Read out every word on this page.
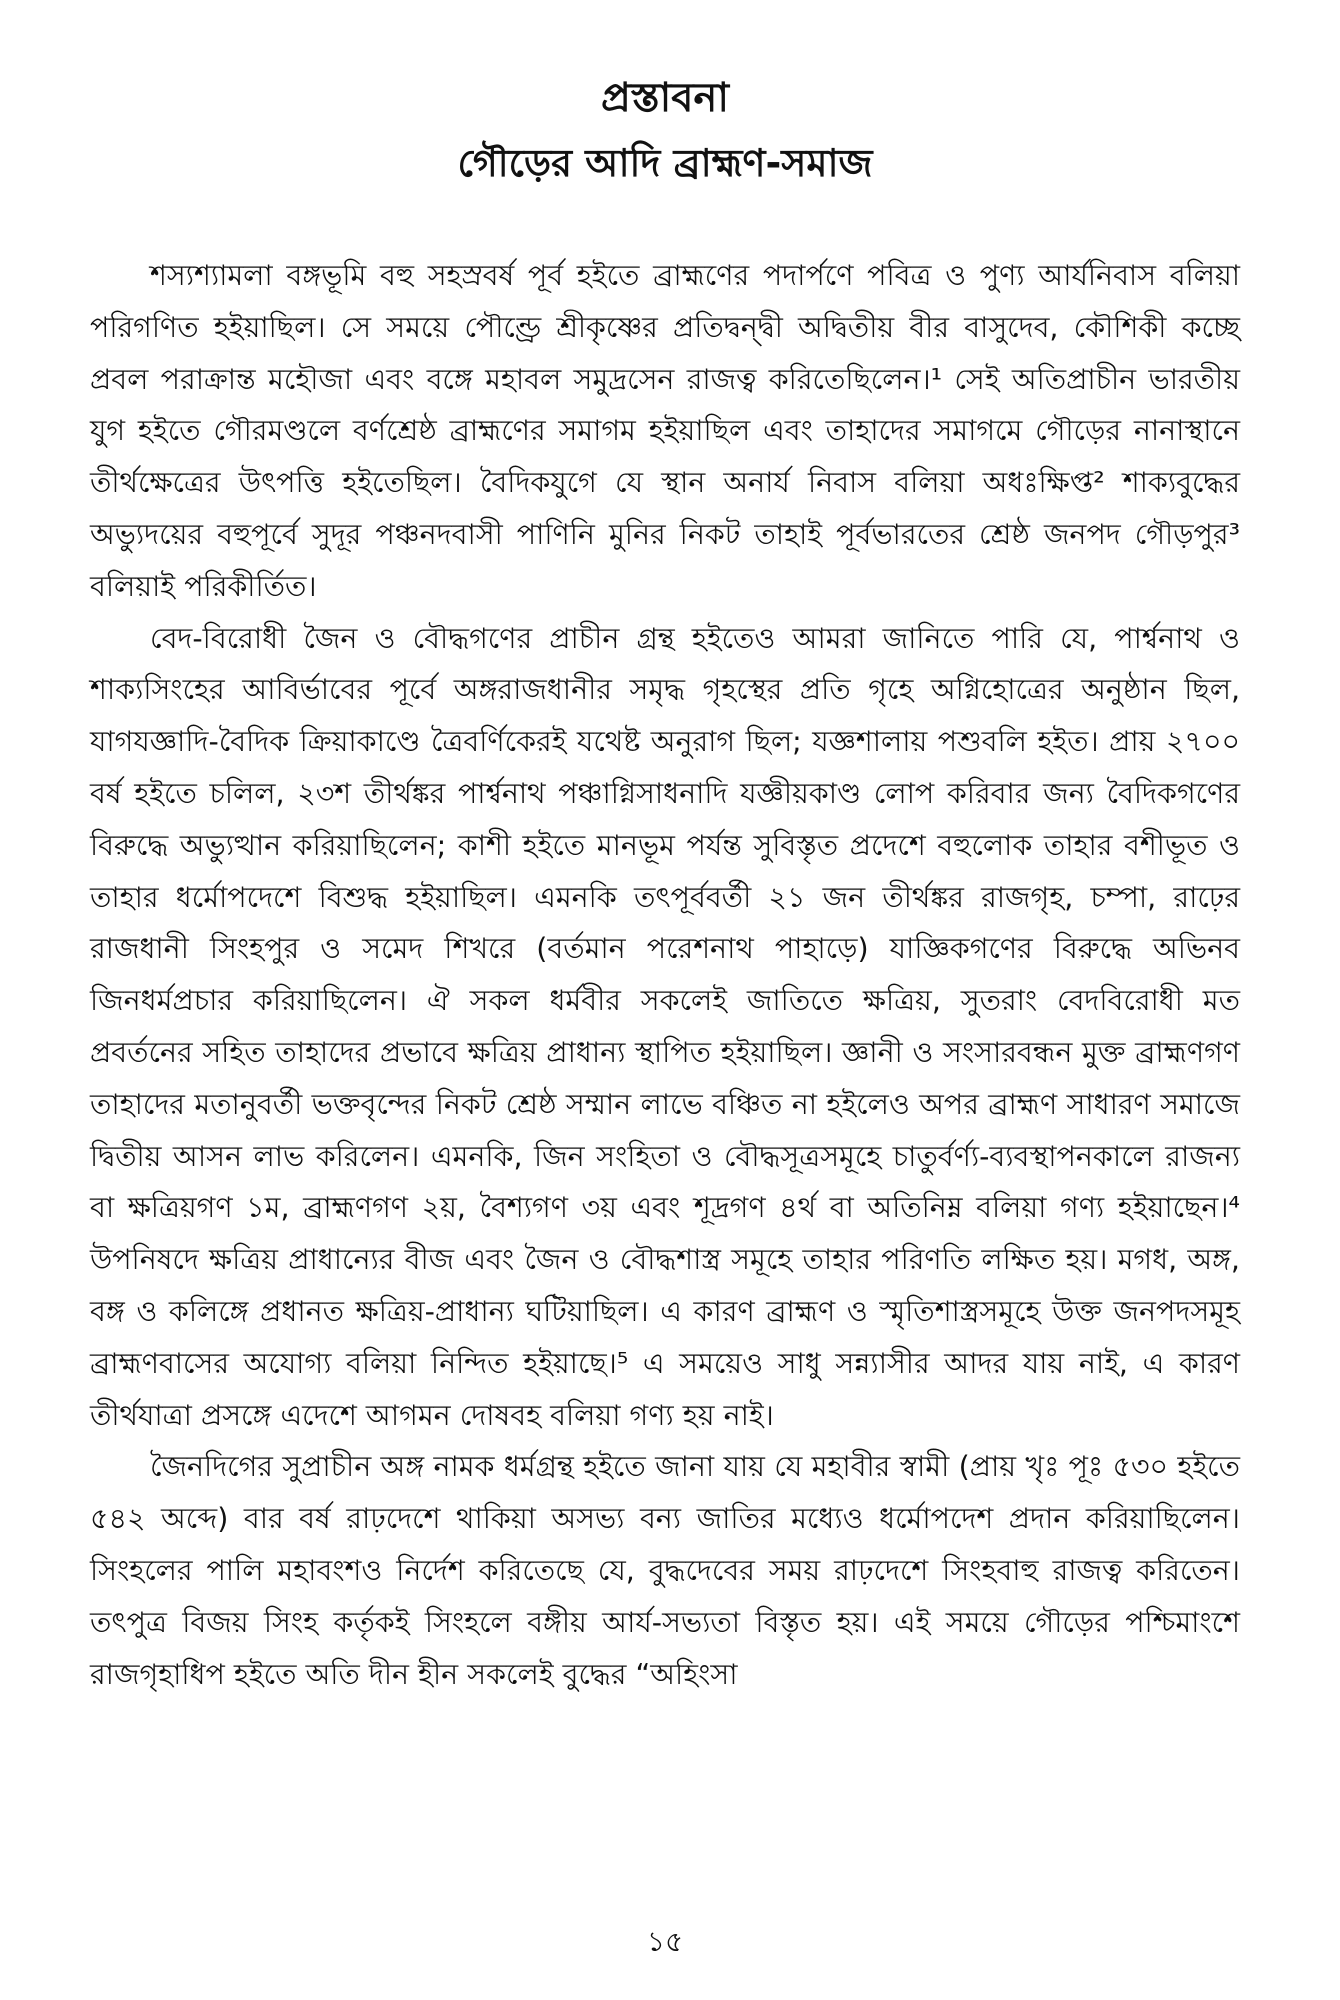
প্রস্তাবনা
গৌড়ের আদি ব্রাহ্মণ-সমাজ

শস্যশ্যামলা বঙ্গভূমি বহু সহস্রবর্ষ পূর্ব হইতে ব্রাহ্মণের পদার্পণে পবিত্র ও পুণ্য আর্যনিবাস বলিয়া পরিগণিত হইয়াছিল। সে সময়ে পৌণ্ড্রে শ্রীকৃষ্ণের প্রতিদ্বন্দ্বী অদ্বিতীয় বীর বাসুদেব, কৌশিকী কচ্ছে প্রবল পরাক্রান্ত মহৌজা এবং বঙ্গে মহাবল সমুদ্রসেন রাজত্ব করিতেছিলেন।¹ সেই অতিপ্রাচীন ভারতীয় যুগ হইতে গৌরমণ্ডলে বর্ণশ্রেষ্ঠ ব্রাহ্মণের সমাগম হইয়াছিল এবং তাহাদের সমাগমে গৌড়ের নানাস্থানে তীর্থক্ষেত্রের উৎপত্তি হইতেছিল। বৈদিকযুগে যে স্থান অনার্য নিবাস বলিয়া অধঃক্ষিপ্ত² শাক্যবুদ্ধের অভ্যুদয়ের বহুপূর্বে সুদূর পঞ্চনদবাসী পাণিনি মুনির নিকট তাহাই পূর্বভারতের শ্রেষ্ঠ জনপদ গৌড়পুর³ বলিয়াই পরিকীর্তিত।

বেদ-বিরোধী জৈন ও বৌদ্ধগণের প্রাচীন গ্রন্থ হইতেও আমরা জানিতে পারি যে, পার্শ্বনাথ ও শাক্যসিংহের আবির্ভাবের পূর্বে অঙ্গরাজধানীর সমৃদ্ধ গৃহস্থের প্রতি গৃহে অগ্নিহোত্রের অনুষ্ঠান ছিল, যাগযজ্ঞাদি-বৈদিক ক্রিয়াকাণ্ডে ত্রৈবর্ণিকেরই যথেষ্ট অনুরাগ ছিল; যজ্ঞশালায় পশুবলি হইত। প্রায় ২৭০০ বর্ষ হইতে চলিল, ২৩শ তীর্থঙ্কর পার্শ্বনাথ পঞ্চাগ্নিসাধনাদি যজ্ঞীয়কাণ্ড লোপ করিবার জন্য বৈদিকগণের বিরুদ্ধে অভ্যুত্থান করিয়াছিলেন; কাশী হইতে মানভূম পর্যন্ত সুবিস্তৃত প্রদেশে বহুলোক তাহার বশীভূত ও তাহার ধর্মোপদেশে বিশুদ্ধ হইয়াছিল। এমনকি তৎপূর্ববর্তী ২১ জন তীর্থঙ্কর রাজগৃহ, চম্পা, রাঢ়ের রাজধানী সিংহপুর ও সমেদ শিখরে (বর্তমান পরেশনাথ পাহাড়ে) যাজ্ঞিকগণের বিরুদ্ধে অভিনব জিনধর্মপ্রচার করিয়াছিলেন। ঐ সকল ধর্মবীর সকলেই জাতিতে ক্ষত্রিয়, সুতরাং বেদবিরোধী মত প্রবর্তনের সহিত তাহাদের প্রভাবে ক্ষত্রিয় প্রাধান্য স্থাপিত হইয়াছিল। জ্ঞানী ও সংসারবন্ধন মুক্ত ব্রাহ্মণগণ তাহাদের মতানুবর্তী ভক্তবৃন্দের নিকট শ্রেষ্ঠ সম্মান লাভে বঞ্চিত না হইলেও অপর ব্রাহ্মণ সাধারণ সমাজে দ্বিতীয় আসন লাভ করিলেন। এমনকি, জিন সংহিতা ও বৌদ্ধসূত্রসমূহে চাতুর্বর্ণ্য-ব্যবস্থাপনকালে রাজন্য বা ক্ষত্রিয়গণ ১ম, ব্রাহ্মণগণ ২য়, বৈশ্যগণ ৩য় এবং শূদ্রগণ ৪র্থ বা অতিনিম্ন বলিয়া গণ্য হইয়াছেন।⁴ উপনিষদে ক্ষত্রিয় প্রাধান্যের বীজ এবং জৈন ও বৌদ্ধশাস্ত্র সমূহে তাহার পরিণতি লক্ষিত হয়। মগধ, অঙ্গ, বঙ্গ ও কলিঙ্গে প্রধানত ক্ষত্রিয়-প্রাধান্য ঘটিয়াছিল। এ কারণ ব্রাহ্মণ ও স্মৃতিশাস্ত্রসমূহে উক্ত জনপদসমূহ ব্রাহ্মণবাসের অযোগ্য বলিয়া নিন্দিত হইয়াছে।⁵ এ সময়েও সাধু সন্ন্যাসীর আদর যায় নাই, এ কারণ তীর্থযাত্রা প্রসঙ্গে এদেশে আগমন দোষবহ বলিয়া গণ্য হয় নাই।

জৈনদিগের সুপ্রাচীন অঙ্গ নামক ধর্মগ্রন্থ হইতে জানা যায় যে মহাবীর স্বামী (প্রায় খৃঃ পূঃ ৫৩০ হইতে ৫৪২ অব্দে) বার বর্ষ রাঢ়দেশে থাকিয়া অসভ্য বন্য জাতির মধ্যেও ধর্মোপদেশ প্রদান করিয়াছিলেন। সিংহলের পালি মহাবংশও নির্দেশ করিতেছে যে, বুদ্ধদেবের সময় রাঢ়দেশে সিংহবাহু রাজত্ব করিতেন। তৎপুত্র বিজয় সিংহ কর্তৃকই সিংহলে বঙ্গীয় আর্য-সভ্যতা বিস্তৃত হয়। এই সময়ে গৌড়ের পশ্চিমাংশে রাজগৃহাধিপ হইতে অতি দীন হীন সকলেই বুদ্ধের “অহিংসা

১৫
